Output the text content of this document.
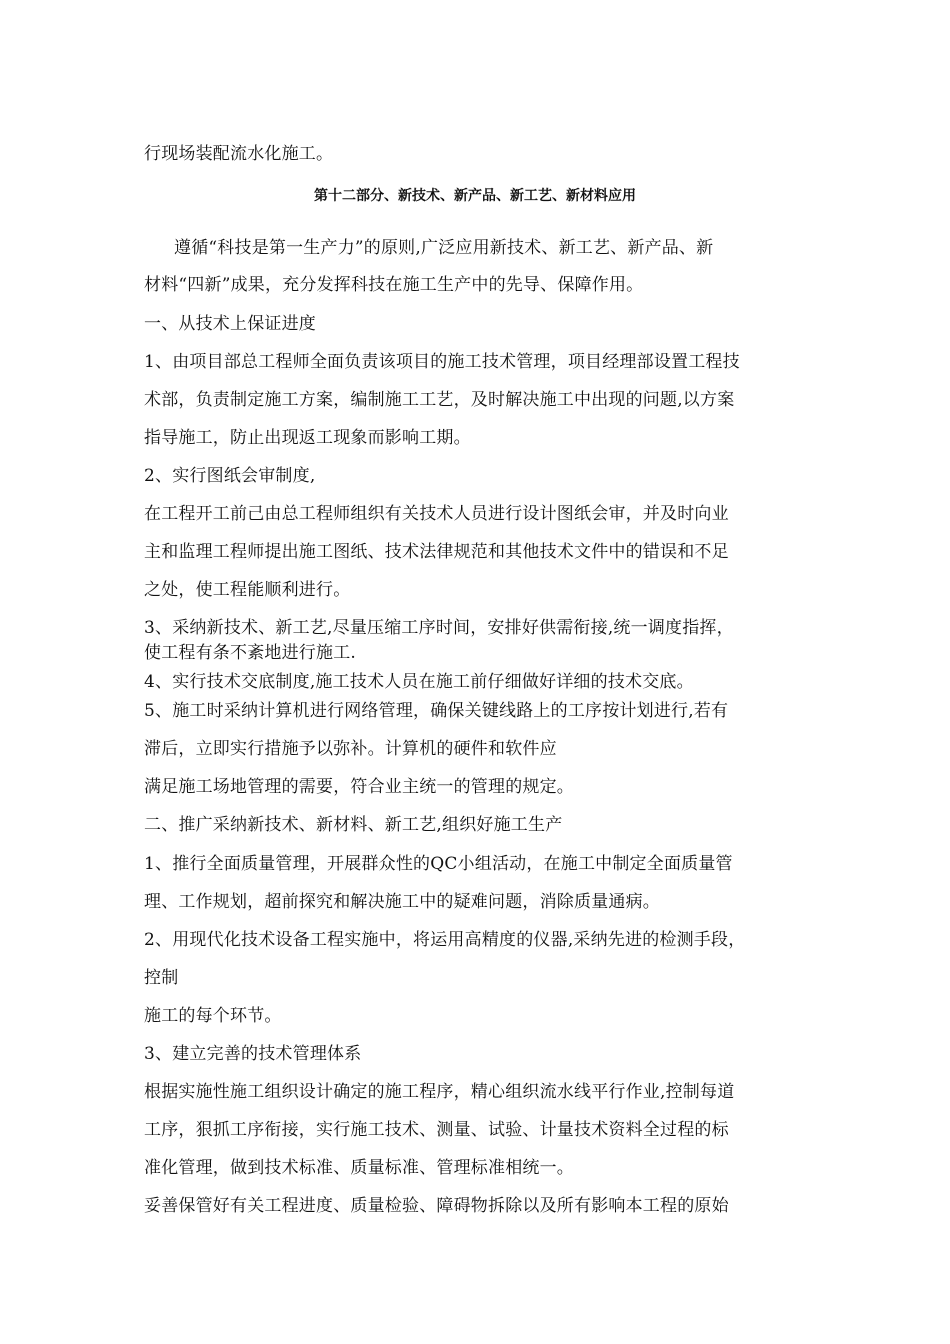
行现场装配流水化施工。
第十二部分、新技术、新产品、新工艺、新材料应用
遵循“科技是第一生产力”的原则,广泛应用新技术、新工艺、新产品、新
材料“四新”成果，充分发挥科技在施工生产中的先导、保障作用。
一、从技术上保证进度
1、由项目部总工程师全面负责该项目的施工技术管理，项目经理部设置工程技
术部，负责制定施工方案，编制施工工艺，及时解决施工中出现的问题,以方案
指导施工，防止出现返工现象而影响工期。
2、实行图纸会审制度,
在工程开工前己由总工程师组织有关技术人员进行设计图纸会审，并及时向业
主和监理工程师提出施工图纸、技术法律规范和其他技术文件中的错误和不足
之处，使工程能顺利进行。
3、采纳新技术、新工艺,尽量压缩工序时间，安排好供需衔接,统一调度指挥，
使工程有条不紊地进行施工.
4、实行技术交底制度,施工技术人员在施工前仔细做好详细的技术交底。
5、施工时采纳计算机进行网络管理，确保关键线路上的工序按计划进行,若有
滞后，立即实行措施予以弥补。计算机的硬件和软件应
满足施工场地管理的需要，符合业主统一的管理的规定。
二、推广采纳新技术、新材料、新工艺,组织好施工生产
1、推行全面质量管理，开展群众性的QC小组活动，在施工中制定全面质量管
理、工作规划，超前探究和解决施工中的疑难问题，消除质量通病。
2、用现代化技术设备工程实施中，将运用高精度的仪器,采纳先进的检测手段，
控制
施工的每个环节。
3、建立完善的技术管理体系
根据实施性施工组织设计确定的施工程序，精心组织流水线平行作业,控制每道
工序，狠抓工序衔接，实行施工技术、测量、试验、计量技术资料全过程的标
准化管理，做到技术标准、质量标准、管理标准相统一。
妥善保管好有关工程进度、质量检验、障碍物拆除以及所有影响本工程的原始
